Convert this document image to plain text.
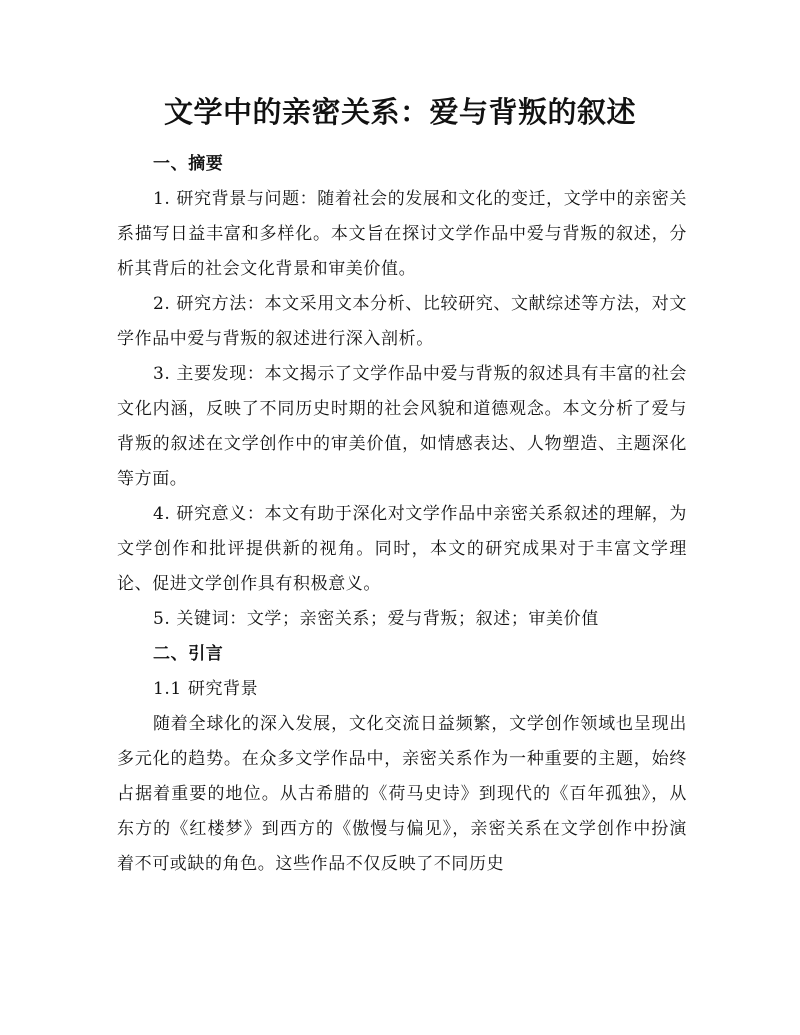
文学中的亲密关系：爱与背叛的叙述

一、摘要

1. 研究背景与问题：随着社会的发展和文化的变迁，文学中的亲密关系描写日益丰富和多样化。本文旨在探讨文学作品中爱与背叛的叙述，分析其背后的社会文化背景和审美价值。

2. 研究方法：本文采用文本分析、比较研究、文献综述等方法，对文学作品中爱与背叛的叙述进行深入剖析。

3. 主要发现：本文揭示了文学作品中爱与背叛的叙述具有丰富的社会文化内涵，反映了不同历史时期的社会风貌和道德观念。本文分析了爱与背叛的叙述在文学创作中的审美价值，如情感表达、人物塑造、主题深化等方面。

4. 研究意义：本文有助于深化对文学作品中亲密关系叙述的理解，为文学创作和批评提供新的视角。同时，本文的研究成果对于丰富文学理论、促进文学创作具有积极意义。

5. 关键词：文学；亲密关系；爱与背叛；叙述；审美价值

二、引言

1.1 研究背景

随着全球化的深入发展，文化交流日益频繁，文学创作领域也呈现出多元化的趋势。在众多文学作品中，亲密关系作为一种重要的主题，始终占据着重要的地位。从古希腊的《荷马史诗》到现代的《百年孤独》，从东方的《红楼梦》到西方的《傲慢与偏见》，亲密关系在文学创作中扮演着不可或缺的角色。这些作品不仅反映了不同历史
